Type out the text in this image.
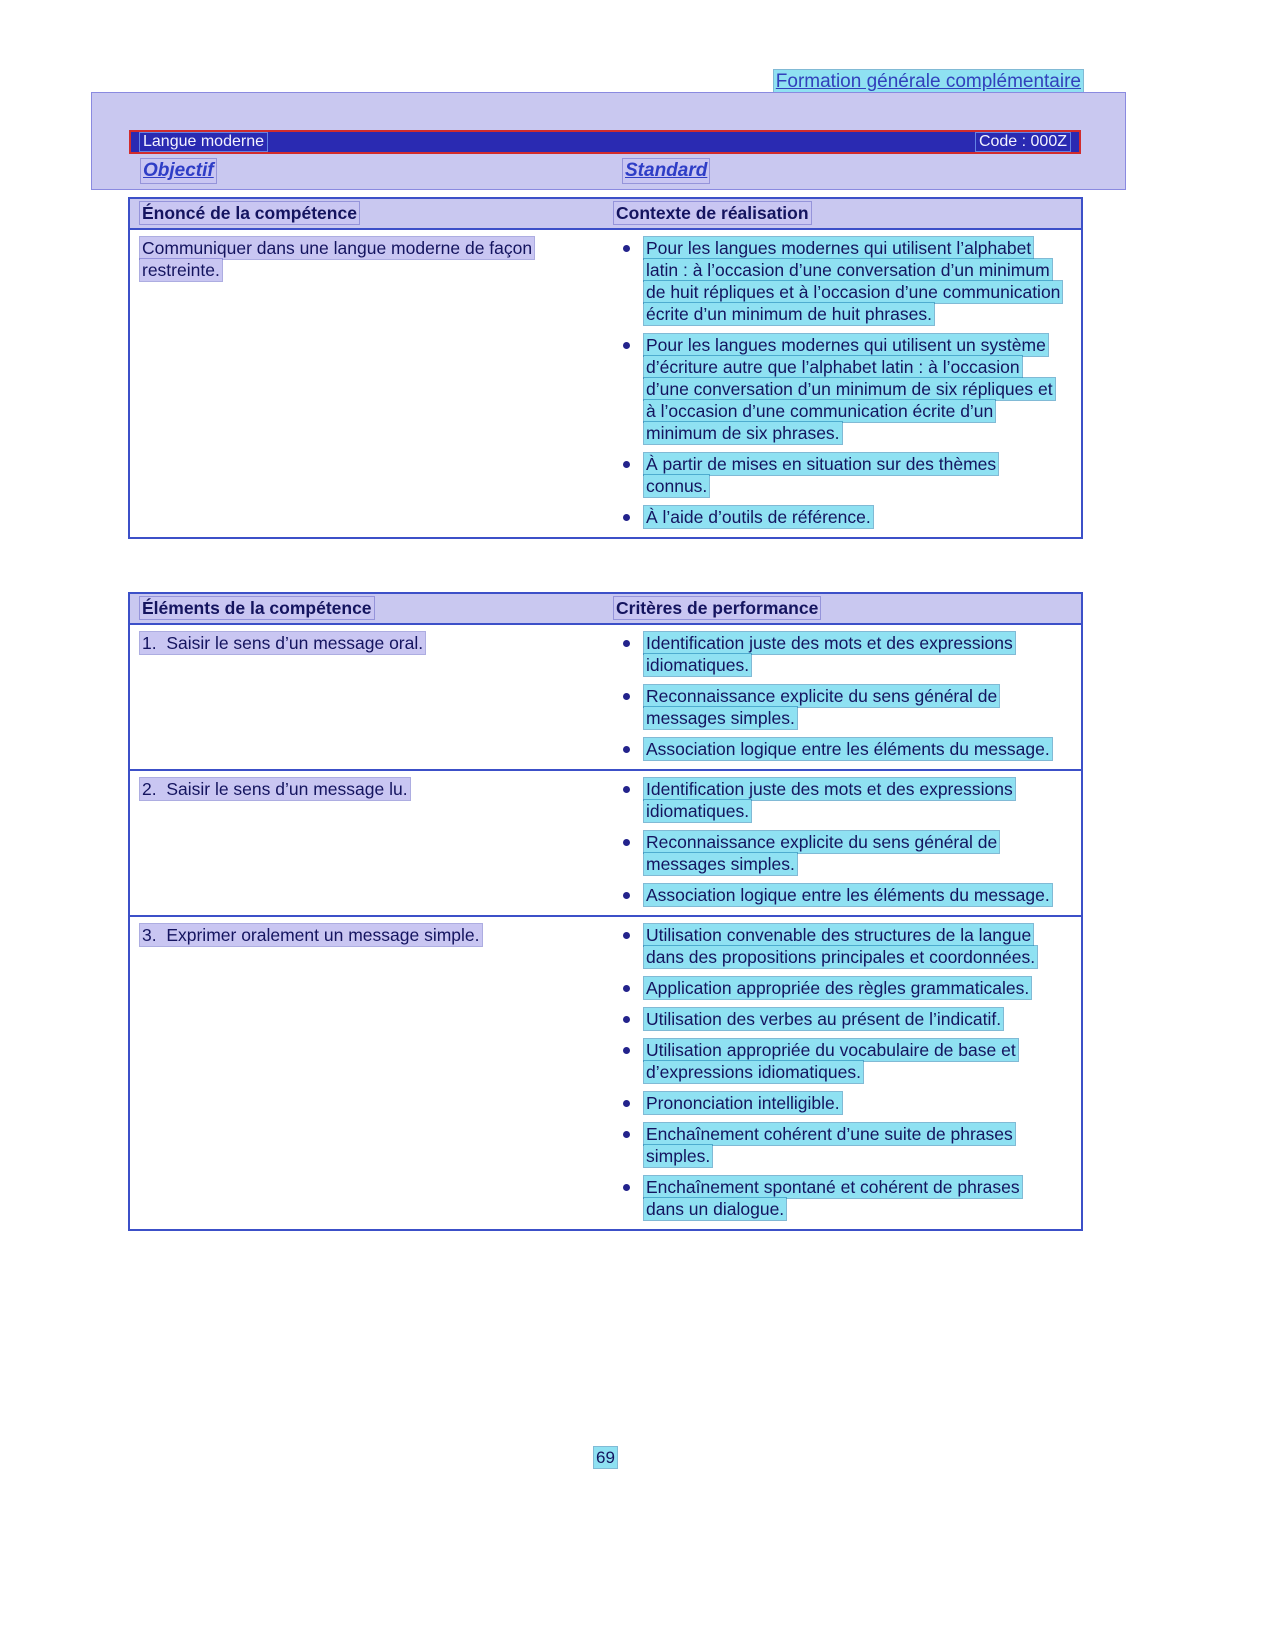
Formation générale complémentaire
Langue moderne	Code : 000Z
Objectif	Standard
Énoncé de la compétence	Contexte de réalisation
Communiquer dans une langue moderne de façon restreinte.
Pour les langues modernes qui utilisent l’alphabet latin : à l’occasion d’une conversation d’un minimum de huit répliques et à l’occasion d’une communication écrite d’un minimum de huit phrases.
Pour les langues modernes qui utilisent un système d’écriture autre que l’alphabet latin : à l’occasion d’une conversation d’un minimum de six répliques et à l’occasion d’une communication écrite d’un minimum de six phrases.
À partir de mises en situation sur des thèmes connus.
À l’aide d’outils de référence.
Éléments de la compétence	Critères de performance
1.  Saisir le sens d’un message oral.	Identification juste des mots et des expressions idiomatiques.
Reconnaissance explicite du sens général de messages simples.
Association logique entre les éléments du message.
2.  Saisir le sens d’un message lu.	Identification juste des mots et des expressions idiomatiques.
Reconnaissance explicite du sens général de messages simples.
Association logique entre les éléments du message.
3.  Exprimer oralement un message simple.	Utilisation convenable des structures de la langue dans des propositions principales et coordonnées.
Application appropriée des règles grammaticales.
Utilisation des verbes au présent de l’indicatif.
Utilisation appropriée du vocabulaire de base et d’expressions idiomatiques.
Prononciation intelligible.
Enchaînement cohérent d’une suite de phrases simples.
Enchaînement spontané et cohérent de phrases dans un dialogue.
69
